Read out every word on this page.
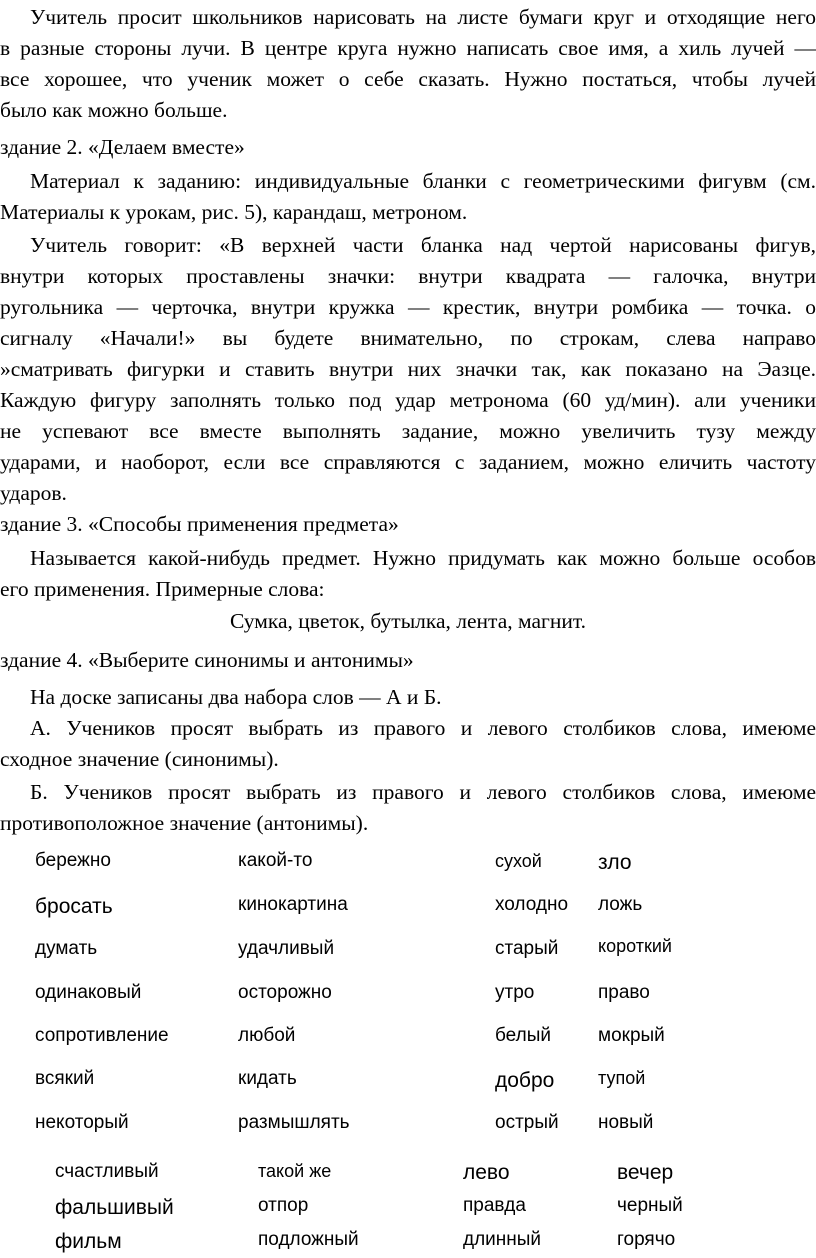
Учитель просит школьников нарисовать на листе бумаги круг и отходящие него
в разные стороны лучи. В центре круга нужно написать свое имя, а хиль лучей —
все хорошее, что ученик может о себе сказать. Нужно постаться, чтобы лучей
было как можно больше.
здание 2. «Делаем вместе»
Материал к заданию: индивидуальные бланки с геометрическими фигувм (см.
Материалы к урокам, рис. 5), карандаш, метроном.
Учитель говорит: «В верхней части бланка над чертой нарисованы фигув,
внутри которых проставлены значки: внутри квадрата — галочка, внутри
ругольника — черточка, внутри кружка — крестик, внутри ромбика — точка. о
сигналу «Начали!» вы будете внимательно, по строкам, слева направо
»сматривать фигурки и ставить внутри них значки так, как показано на Эазце.
Каждую фигуру заполнять только под удар метронома (60 уд/мин). али ученики
не успевают все вместе выполнять задание, можно увеличить тузу между
ударами, и наоборот, если все справляются с заданием, можно еличить частоту
ударов.
здание 3. «Способы применения предмета»
Называется какой-нибудь предмет. Нужно придумать как можно больше особов
его применения. Примерные слова:
Сумка, цветок, бутылка, лента, магнит.
здание 4. «Выберите синонимы и антонимы»
На доске записаны два набора слов — А и Б.
А. Учеников просят выбрать из правого и левого столбиков слова, имеюме
сходное значение (синонимы).
Б. Учеников просят выбрать из правого и левого столбиков слова, имеюме
противоположное значение (антонимы).
бережно	какой-то	сухой	зло
бросать	кинокартина	холодно ложь
думать	удачливый	старый короткий
одинаковый	осторожно	утро	право
сопротивление	любой	белый мокрый
всякий	кидать	добро тупой
некоторый	размышлять	острый новый
счастливый	такой же	лево	вечер
фальшивый	отпор	правда	черный
фильм	подложный	длинный	горячо
